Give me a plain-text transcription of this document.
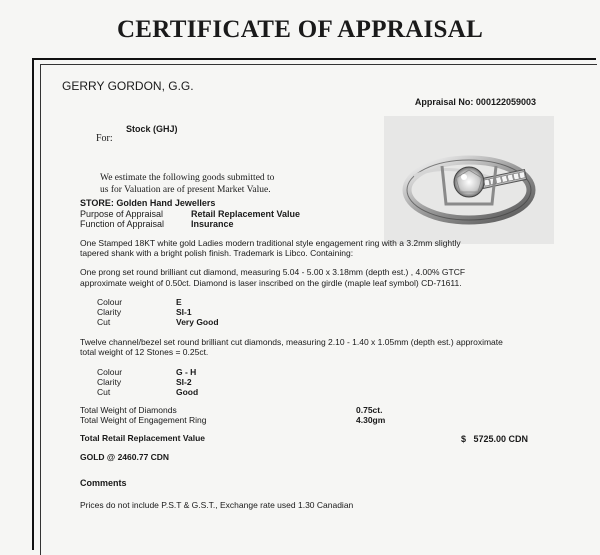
CERTIFICATE OF APPRAISAL
GERRY GORDON, G.G.
Appraisal No: 000122059003
For:
Stock (GHJ)
We estimate the following goods submitted to
us for Valuation are of present Market Value.
STORE: Golden Hand Jewellers
Purpose of Appraisal	Retail Replacement Value
Function of Appraisal	Insurance
One Stamped 18KT white gold Ladies modern traditional style engagement ring with a 3.2mm slightly
tapered shank with a bright polish finish. Trademark is Libco. Containing:
One prong set round brilliant cut diamond, measuring 5.04 - 5.00 x 3.18mm (depth est.) , 4.00% GTCF
approximate weight of 0.50ct. Diamond is laser inscribed on the girdle (maple leaf symbol) CD-71611.
Colour	E
Clarity	SI-1
Cut	Very Good
Twelve channel/bezel set round brilliant cut diamonds, measuring 2.10 - 1.40 x 1.05mm (depth est.) approximate
total weight of 12 Stones = 0.25ct.
Colour	G - H
Clarity	SI-2
Cut	Good
Total Weight of Diamonds	0.75ct.
Total Weight of Engagement Ring	4.30gm
Total Retail Replacement Value	$   5725.00 CDN
GOLD @ 2460.77 CDN
Comments
Prices do not include P.S.T & G.S.T., Exchange rate used 1.30 Canadian
